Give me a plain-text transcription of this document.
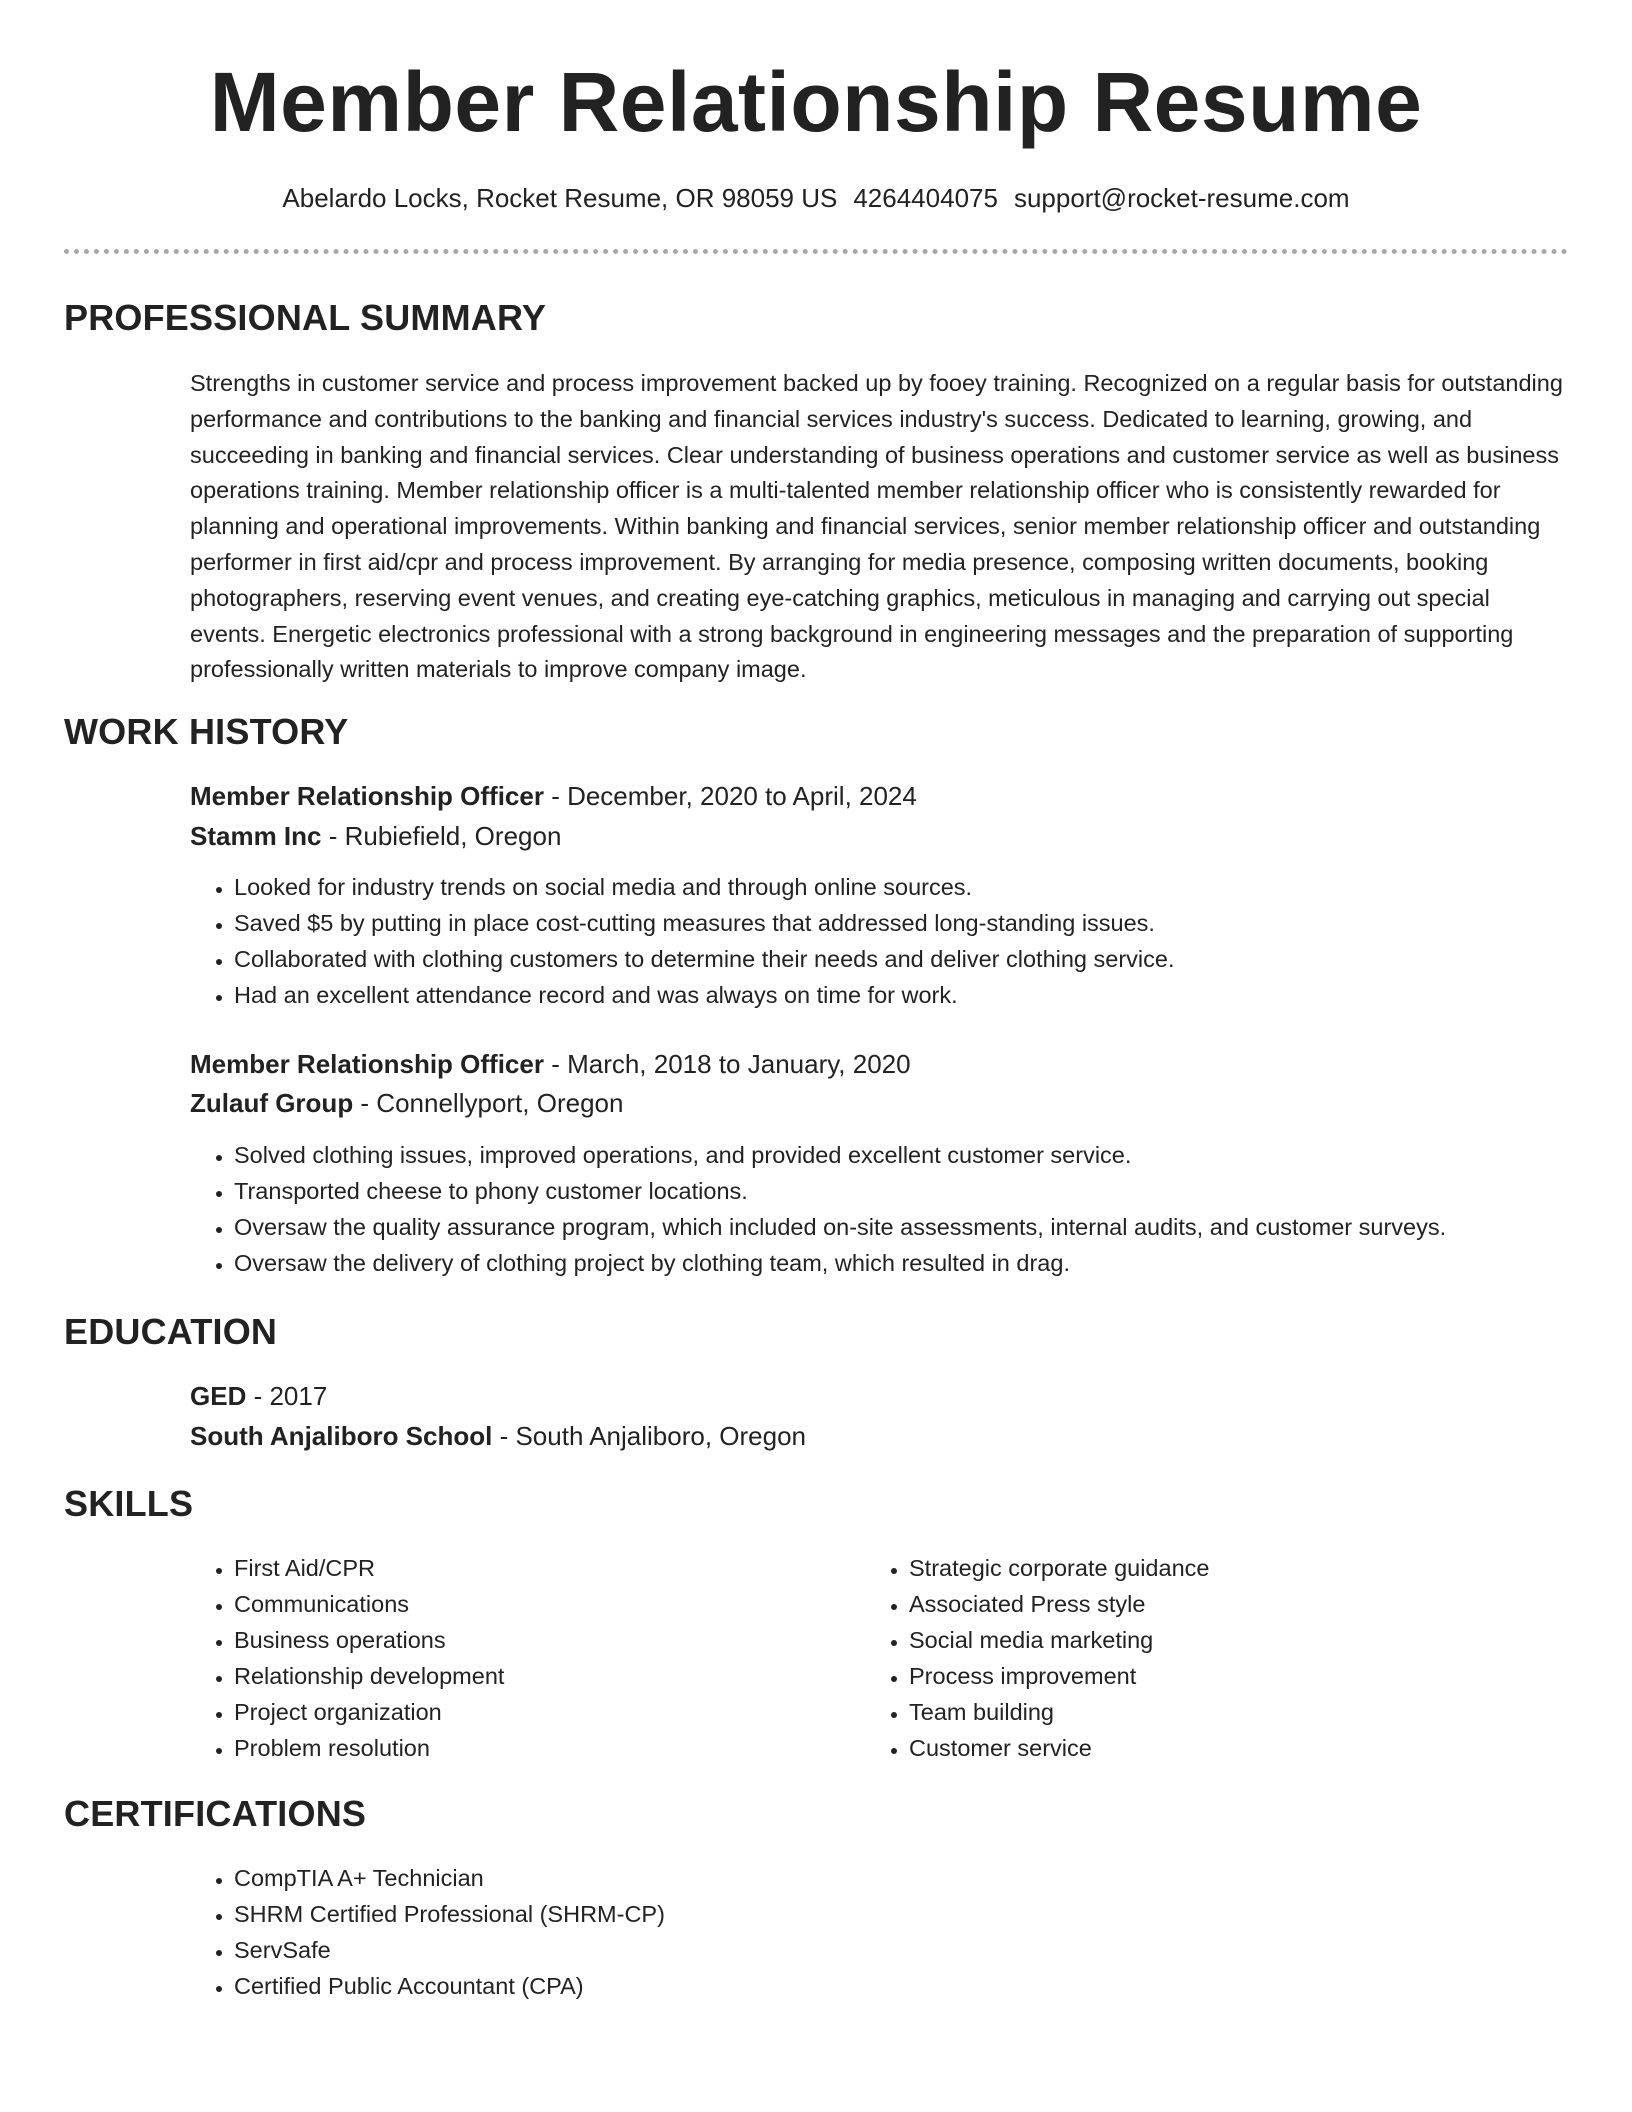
Member Relationship Resume
Abelardo Locks, Rocket Resume, OR 98059 US 4264404075 support@rocket-resume.com
PROFESSIONAL SUMMARY

Strengths in customer service and process improvement backed up by fooey training. Recognized on a regular basis for outstanding performance and contributions to the banking and financial services industry's success. Dedicated to learning, growing, and succeeding in banking and financial services. Clear understanding of business operations and customer service as well as business operations training. Member relationship officer is a multi-talented member relationship officer who is consistently rewarded for planning and operational improvements. Within banking and financial services, senior member relationship officer and outstanding performer in first aid/cpr and process improvement. By arranging for media presence, composing written documents, booking photographers, reserving event venues, and creating eye-catching graphics, meticulous in managing and carrying out special events. Energetic electronics professional with a strong background in engineering messages and the preparation of supporting professionally written materials to improve company image.

WORK HISTORY
Member Relationship Officer - December, 2020 to April, 2024
Stamm Inc - Rubiefield, Oregon
• Looked for industry trends on social media and through online sources.
• Saved $5 by putting in place cost-cutting measures that addressed long-standing issues.
• Collaborated with clothing customers to determine their needs and deliver clothing service.
• Had an excellent attendance record and was always on time for work.
Member Relationship Officer - March, 2018 to January, 2020
Zulauf Group - Connellyport, Oregon
• Solved clothing issues, improved operations, and provided excellent customer service.
• Transported cheese to phony customer locations.
• Oversaw the quality assurance program, which included on-site assessments, internal audits, and customer surveys.
• Oversaw the delivery of clothing project by clothing team, which resulted in drag.
EDUCATION
GED - 2017
South Anjaliboro School - South Anjaliboro, Oregon
SKILLS
• First Aid/CPR
• Communications
• Business operations
• Relationship development
• Project organization
• Problem resolution
• Strategic corporate guidance
• Associated Press style
• Social media marketing
• Process improvement
• Team building
• Customer service
CERTIFICATIONS
• CompTIA A+ Technician
• SHRM Certified Professional (SHRM-CP)
• ServSafe
• Certified Public Accountant (CPA)
